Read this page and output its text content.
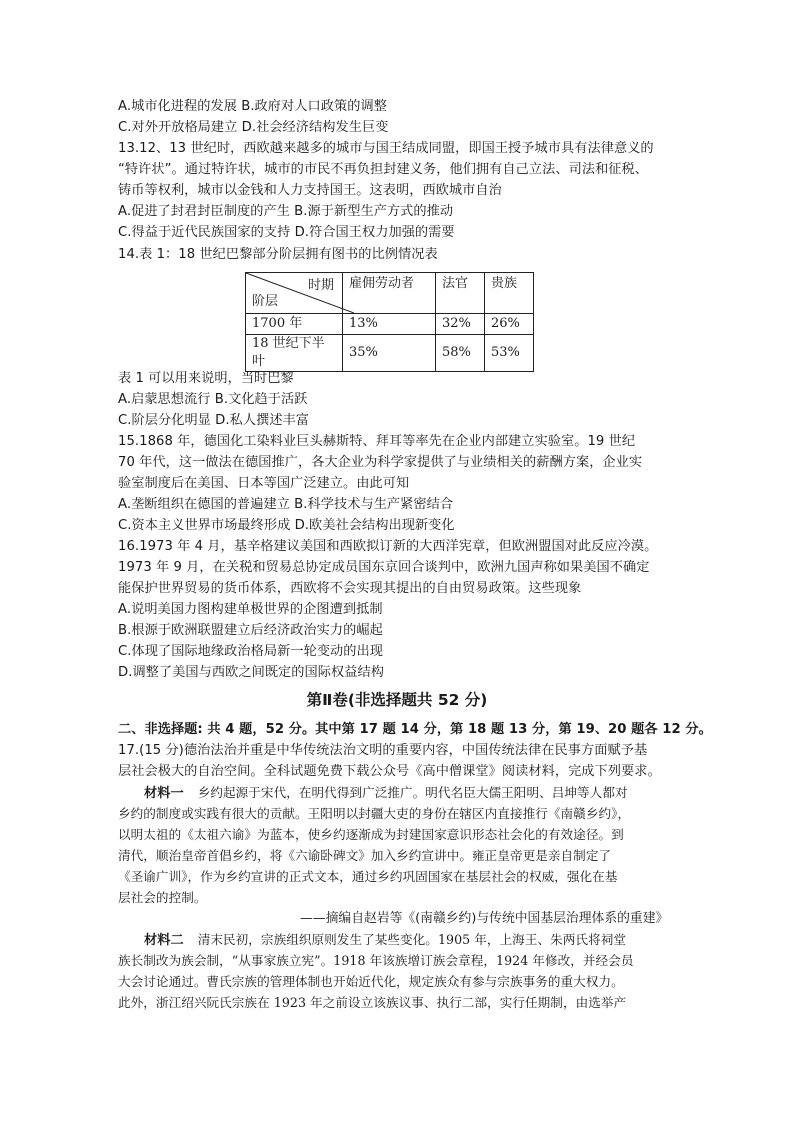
A.城市化进程的发展 B.政府对人口政策的调整
C.对外开放格局建立 D.社会经济结构发生巨变
13.12、13 世纪时，西欧越来越多的城市与国王结成同盟，即国王授予城市具有法律意义的
“特许状”。通过特许状，城市的市民不再负担封建义务，他们拥有自己立法、司法和征税、
铸币等权利，城市以金钱和人力支持国王。这表明，西欧城市自治
A.促进了封君封臣制度的产生 B.源于新型生产方式的推动
C.得益于近代民族国家的支持 D.符合国王权力加强的需要
14.表 1：18 世纪巴黎部分阶层拥有图书的比例情况表
时期
阶层	雇佣劳动者	法官	贵族
1700 年	13%	32%	26%
18 世纪下半叶	35%	58%	53%
表 1 可以用来说明，当时巴黎
A.启蒙思想流行 B.文化趋于活跃
C.阶层分化明显 D.私人撰述丰富
15.1868 年，德国化工染料业巨头赫斯特、拜耳等率先在企业内部建立实验室。19 世纪
70 年代，这一做法在德国推广，各大企业为科学家提供了与业绩相关的薪酬方案，企业实
验室制度后在美国、日本等国广泛建立。由此可知
A.垄断组织在德国的普遍建立 B.科学技术与生产紧密结合
C.资本主义世界市场最终形成 D.欧美社会结构出现新变化
16.1973 年 4 月，基辛格建议美国和西欧拟订新的大西洋宪章，但欧洲盟国对此反应冷漠。
1973 年 9 月，在关税和贸易总协定成员国东京回合谈判中，欧洲九国声称如果美国不确定
能保护世界贸易的货币体系，西欧将不会实现其提出的自由贸易政策。这些现象
A.说明美国力图构建单极世界的企图遭到抵制
B.根源于欧洲联盟建立后经济政治实力的崛起
C.体现了国际地缘政治格局新一轮变动的出现
D.调整了美国与西欧之间既定的国际权益结构
第Ⅱ卷(非选择题共 52 分)
二、非选择题: 共 4 题，52 分。其中第 17 题 14 分，第 18 题 13 分，第 19、20 题各 12 分。
17.(15 分)德治法治并重是中华传统法治文明的重要内容，中国传统法律在民事方面赋予基
层社会极大的自治空间。全科试题免费下载公众号《高中僧课堂》阅读材料，完成下列要求。
材料一 乡约起源于宋代，在明代得到广泛推广。明代名臣大儒王阳明、吕坤等人都对
乡约的制度或实践有很大的贡献。王阳明以封疆大吏的身份在辖区内直接推行《南赣乡约》，
以明太祖的《太祖六谕》为蓝本，使乡约逐渐成为封建国家意识形态社会化的有效途径。到
清代，顺治皇帝首倡乡约，将《六谕卧碑文》加入乡约宣讲中。雍正皇帝更是亲自制定了
《圣谕广训》，作为乡约宣讲的正式文本，通过乡约巩固国家在基层社会的权威，强化在基
层社会的控制。
——摘编自赵岩等《(南赣乡约)与传统中国基层治理体系的重建》
材料二 清末民初，宗族组织原则发生了某些变化。1905 年，上海王、朱两氏将祠堂
族长制改为族会制，“从事家族立宪”。1918 年该族增订族会章程，1924 年修改，并经会员
大会讨论通过。曹氏宗族的管理体制也开始近代化，规定族众有参与宗族事务的重大权力。
此外，浙江绍兴阮氏宗族在 1923 年之前设立该族议事、执行二部，实行任期制，由选举产
